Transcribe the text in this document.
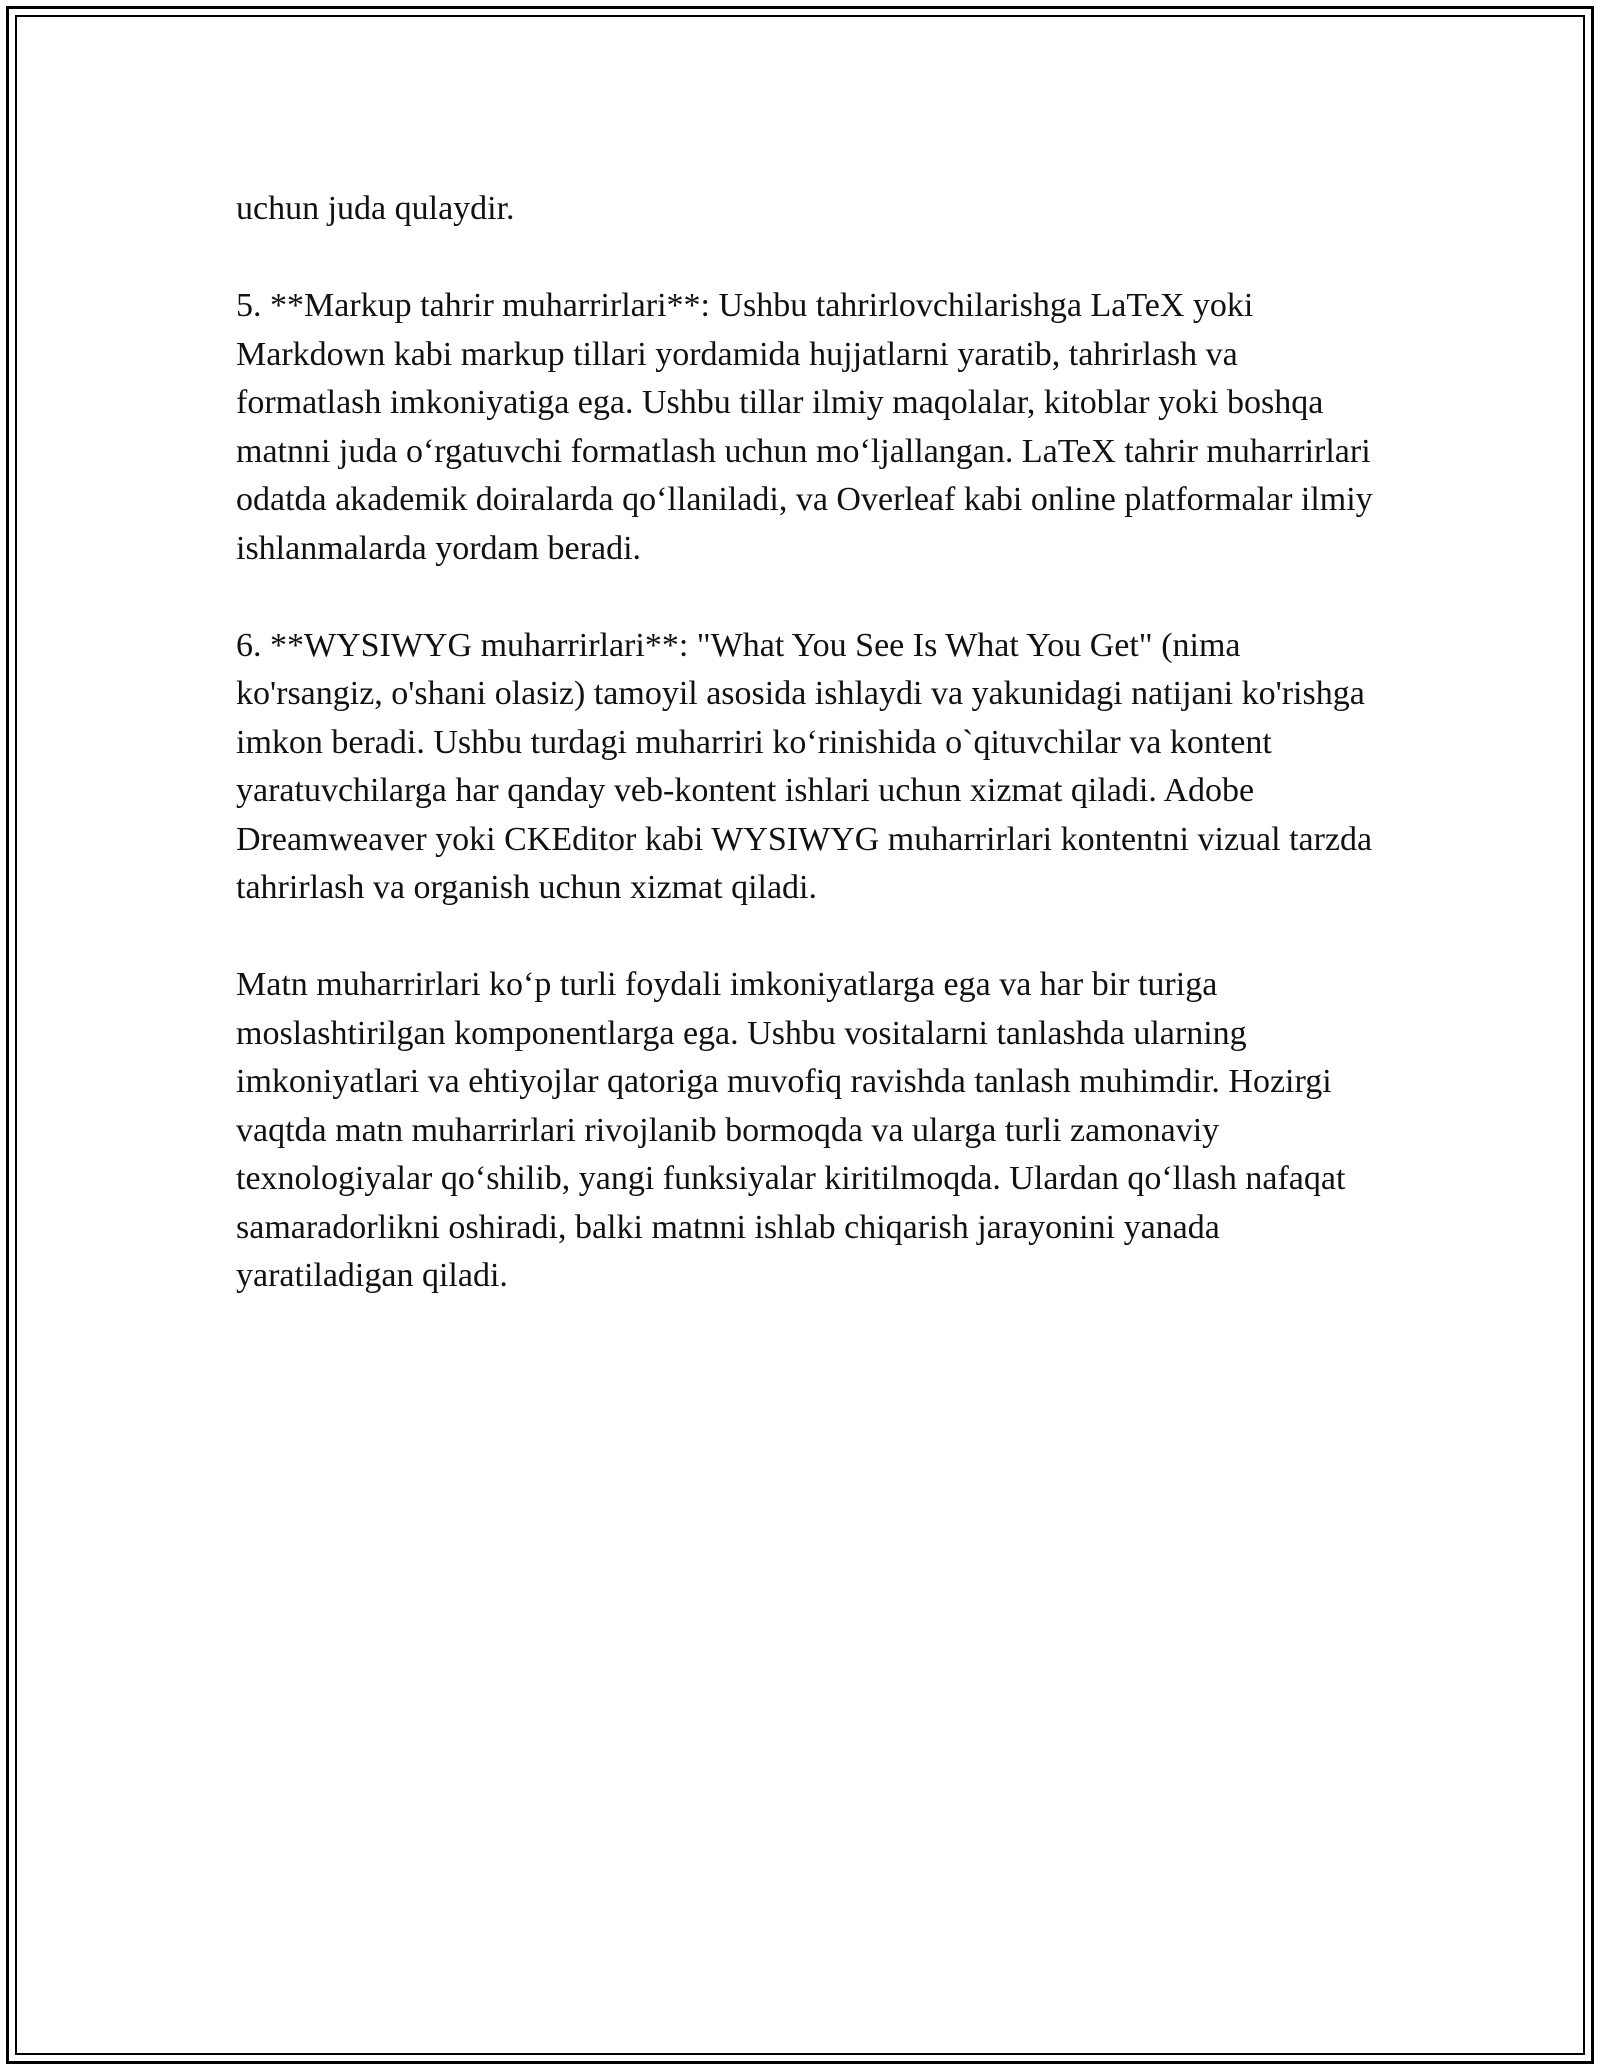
uchun juda qulaydir.

5. **Markup tahrir muharrirlari**: Ushbu tahrirlovchilarishga LaTeX yoki Markdown kabi markup tillari yordamida hujjatlarni yaratib, tahrirlash va formatlash imkoniyatiga ega. Ushbu tillar ilmiy maqolalar, kitoblar yoki boshqa matnni juda o‘rgatuvchi formatlash uchun mo‘ljallangan. LaTeX tahrir muharrirlari odatda akademik doiralarda qo‘llaniladi, va Overleaf kabi online platformalar ilmiy ishlanmalarda yordam beradi.

6. **WYSIWYG muharrirlari**: "What You See Is What You Get" (nima ko'rsangiz, o'shani olasiz) tamoyil asosida ishlaydi va yakunidagi natijani ko'rishga imkon beradi. Ushbu turdagi muharriri ko‘rinishida o`qituvchilar va kontent yaratuvchilarga har qanday veb-kontent ishlari uchun xizmat qiladi. Adobe Dreamweaver yoki CKEditor kabi WYSIWYG muharrirlari kontentni vizual tarzda tahrirlash va organish uchun xizmat qiladi.

Matn muharrirlari ko‘p turli foydali imkoniyatlarga ega va har bir turiga moslashtirilgan komponentlarga ega. Ushbu vositalarni tanlashda ularning imkoniyatlari va ehtiyojlar qatoriga muvofiq ravishda tanlash muhimdir. Hozirgi vaqtda matn muharrirlari rivojlanib bormoqda va ularga turli zamonaviy texnologiyalar qo‘shilib, yangi funksiyalar kiritilmoqda. Ulardan qo‘llash nafaqat samaradorlikni oshiradi, balki matnni ishlab chiqarish jarayonini yanada yaratiladigan qiladi.
